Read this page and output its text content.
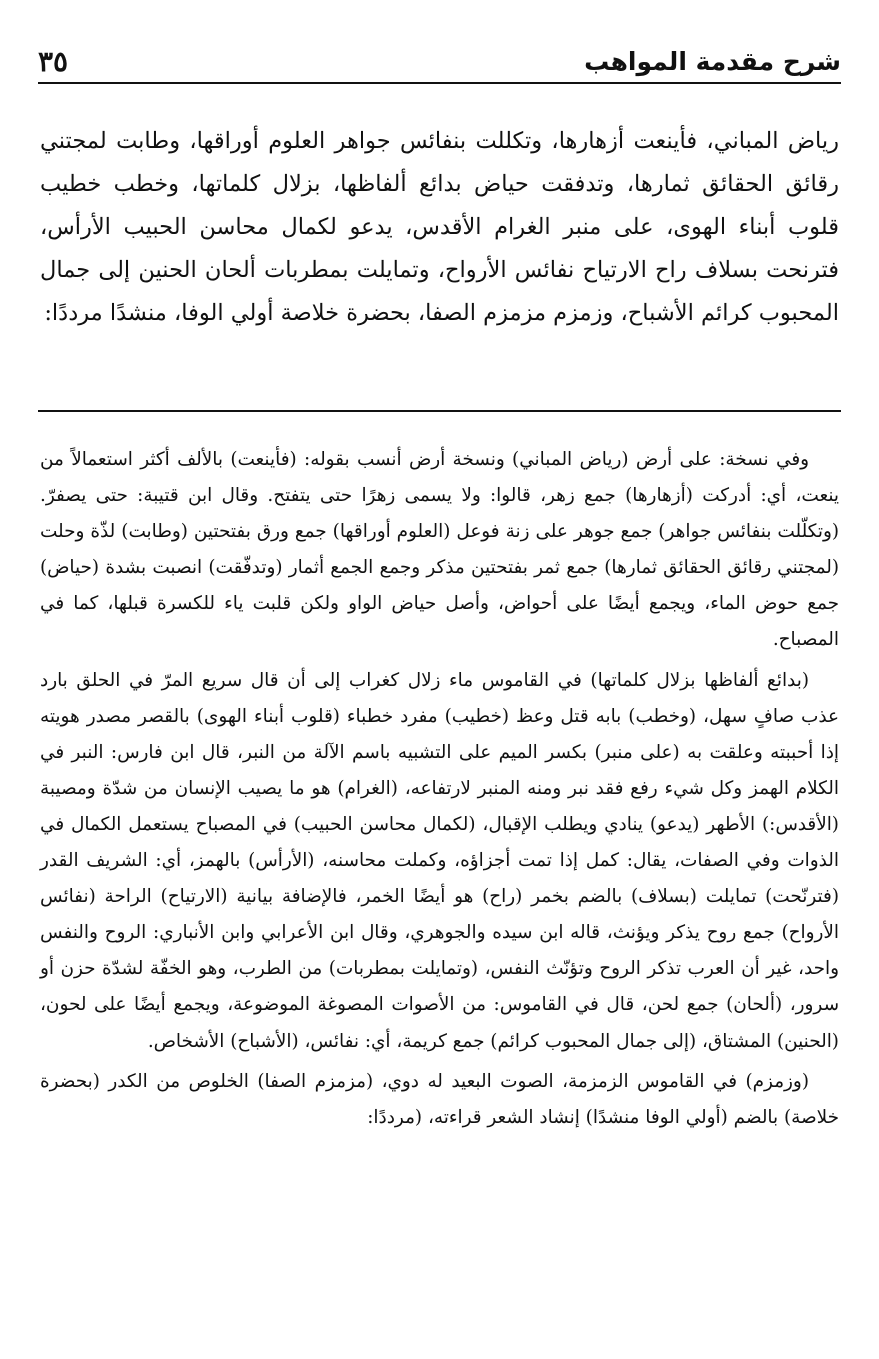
شرح مقدمة المواهب
٣٥

رياض المباني، فأينعت أزهارها، وتكللت بنفائس جواهر العلوم أوراقها، وطابت لمجتني رقائق الحقائق ثمارها، وتدفقت حياض بدائع ألفاظها، بزلال كلماتها، وخطب خطيب قلوب أبناء الهوى، على منبر الغرام الأقدس، يدعو لكمال محاسن الحبيب الأرأس، فترنحت بسلاف راح الارتياح نفائس الأرواح، وتمايلت بمطربات ألحان الحنين إلى جمال المحبوب كرائم الأشباح، وزمزم مزمزم الصفا، بحضرة خلاصة أولي الوفا، منشدًا مرددًا:

وفي نسخة: على أرض (رياض المباني) ونسخة أرض أنسب بقوله: (فأينعت) بالألف أكثر استعمالاً من ينعت، أي: أدركت (أزهارها) جمع زهر، قالوا: ولا يسمى زهرًا حتى يتفتح. وقال ابن قتيبة: حتى يصفرّ. (وتكلّلت بنفائس جواهر) جمع جوهر على زنة فوعل (العلوم أوراقها) جمع ورق بفتحتين (وطابت) لذّة وحلت (لمجتني رقائق الحقائق ثمارها) جمع ثمر بفتحتين مذكر وجمع الجمع أثمار (وتدفّقت) انصبت بشدة (حياض) جمع حوض الماء، ويجمع أيضًا على أحواض، وأصل حياض الواو ولكن قلبت ياء للكسرة قبلها، كما في المصباح.

(بدائع ألفاظها بزلال كلماتها) في القاموس ماء زلال كغراب إلى أن قال سريع المرّ في الحلق بارد عذب صافٍ سهل، (وخطب) بابه قتل وعظ (خطيب) مفرد خطباء (قلوب أبناء الهوى) بالقصر مصدر هويته إذا أحببته وعلقت به (على منبر) بكسر الميم على التشبيه باسم الآلة من النبر، قال ابن فارس: النبر في الكلام الهمز وكل شيء رفع فقد نبر ومنه المنبر لارتفاعه، (الغرام) هو ما يصيب الإنسان من شدّة ومصيبة (الأقدس:) الأطهر (يدعو) ينادي ويطلب الإقبال، (لكمال محاسن الحبيب) في المصباح يستعمل الكمال في الذوات وفي الصفات، يقال: كمل إذا تمت أجزاؤه، وكملت محاسنه، (الأرأس) بالهمز، أي: الشريف القدر (فترنّحت) تمايلت (بسلاف) بالضم بخمر (راح) هو أيضًا الخمر، فالإضافة بيانية (الارتياح) الراحة (نفائس الأرواح) جمع روح يذكر ويؤنث، قاله ابن سيده والجوهري، وقال ابن الأعرابي وابن الأنباري: الروح والنفس واحد، غير أن العرب تذكر الروح وتؤنّث النفس، (وتمايلت بمطربات) من الطرب، وهو الخفّة لشدّة حزن أو سرور، (ألحان) جمع لحن، قال في القاموس: من الأصوات المصوغة الموضوعة، ويجمع أيضًا على لحون، (الحنين) المشتاق، (إلى جمال المحبوب كرائم) جمع كريمة، أي: نفائس، (الأشباح) الأشخاص.

(وزمزم) في القاموس الزمزمة، الصوت البعيد له دوي، (مزمزم الصفا) الخلوص من الكدر (بحضرة خلاصة) بالضم (أولي الوفا منشدًا) إنشاد الشعر قراءته، (مرددًا:
